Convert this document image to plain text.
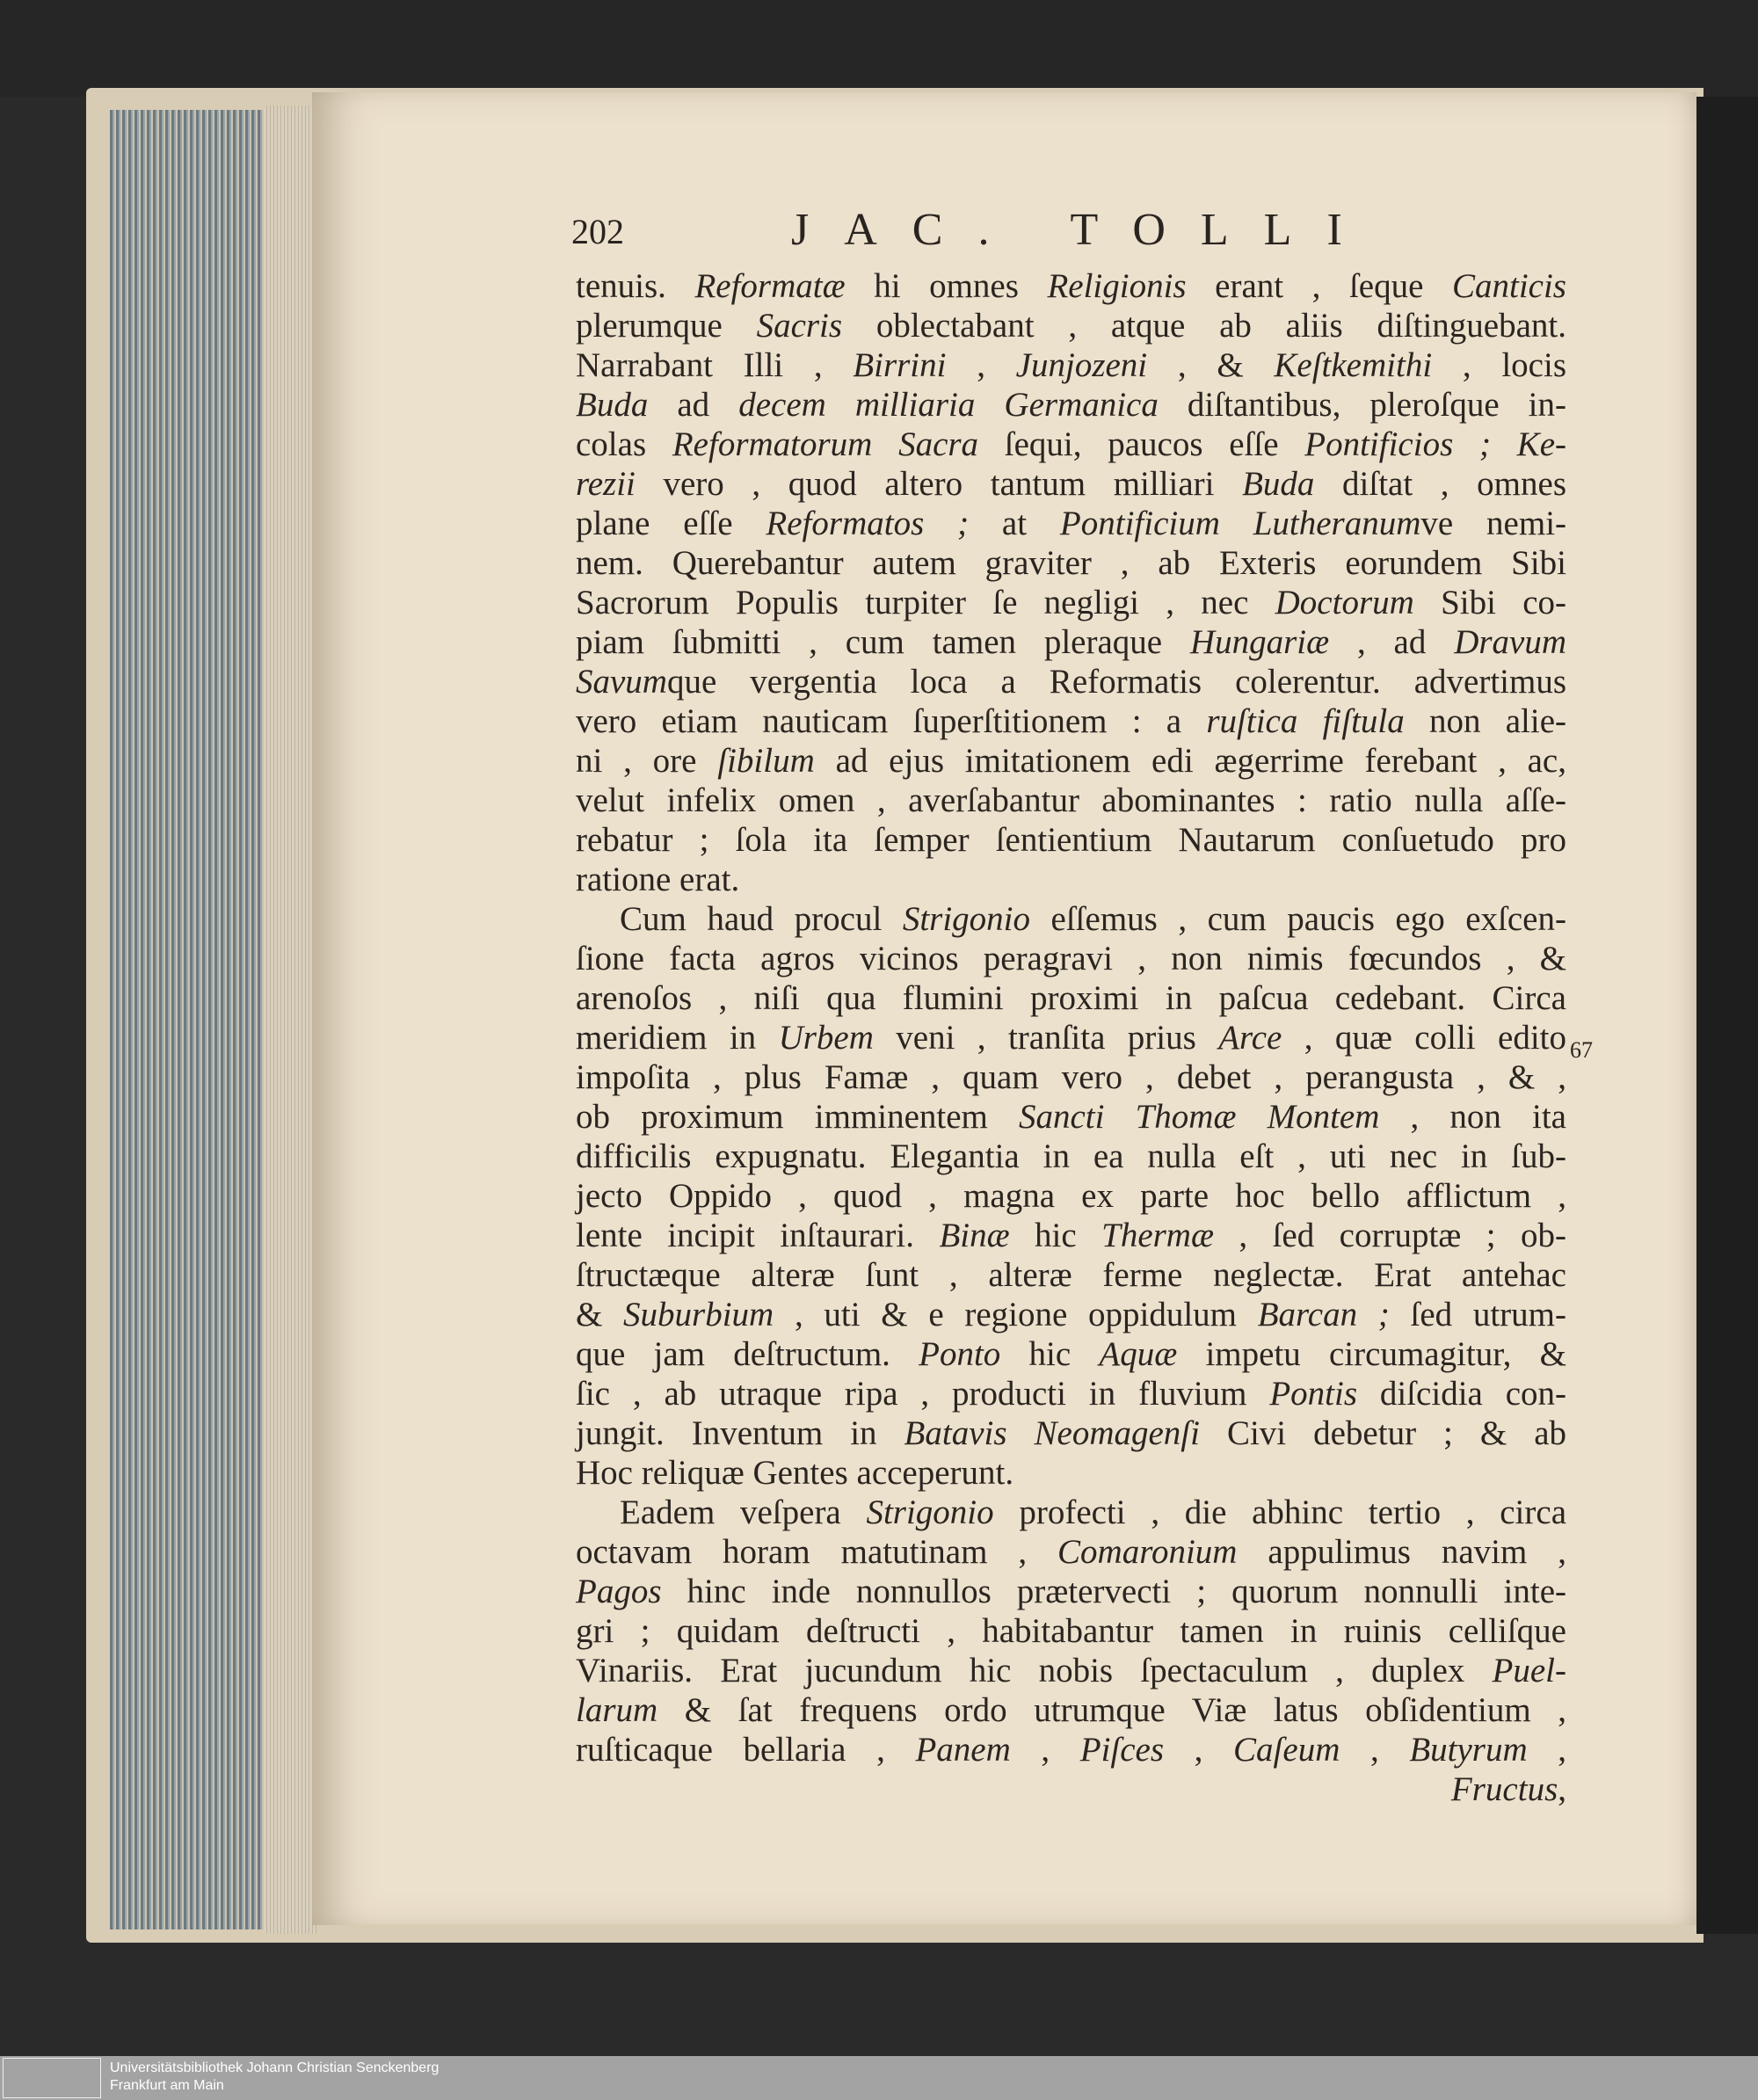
202	JAC. TOLLI
tenuis. Reformatæ hi omnes Religionis erant , ſeque Canticis
plerumque Sacris oblectabant , atque ab aliis diſtinguebant.
Narrabant Illi , Birrini , Junjozeni , & Keſtkemithi , locis
Buda ad decem milliaria Germanica diſtantibus, pleroſque in-
colas Reformatorum Sacra ſequi, paucos eſſe Pontificios ; Ke-
rezii vero , quod altero tantum milliari Buda diſtat , omnes
plane eſſe Reformatos ; at Pontificium Lutheranumve nemi-
nem. Querebantur autem graviter , ab Exteris eorundem Sibi
Sacrorum Populis turpiter ſe negligi , nec Doctorum Sibi co-
piam ſubmitti , cum tamen pleraque Hungariæ , ad Dravum
Savumque vergentia loca a Reformatis colerentur. advertimus
vero etiam nauticam ſuperſtitionem : a ruſtica fiſtula non alie-
ni , ore ſibilum ad ejus imitationem edi ægerrime ferebant , ac,
velut infelix omen , averſabantur abominantes : ratio nulla aſſe-
rebatur ; ſola ita ſemper ſentientium Nautarum conſuetudo pro
ratione erat.
Cum haud procul Strigonio eſſemus , cum paucis ego exſcen-
ſione facta agros vicinos peragravi , non nimis fœcundos , &
arenoſos , niſi qua flumini proximi in paſcua cedebant. Circa
meridiem in Urbem veni , tranſita prius Arce , quæ colli edito
impoſita , plus Famæ , quam vero , debet , perangusta , & ,
ob proximum imminentem Sancti Thomæ Montem , non ita
difficilis expugnatu. Elegantia in ea nulla eſt , uti nec in ſub-
jecto Oppido , quod , magna ex parte hoc bello afflictum ,
lente incipit inſtaurari. Binæ hic Thermæ , ſed corruptæ ; ob-
ſtructæque alteræ ſunt , alteræ ferme neglectæ. Erat antehac
& Suburbium , uti & e regione oppidulum Barcan ; ſed utrum-
que jam deſtructum. Ponto hic Aquæ impetu circumagitur, &
ſic , ab utraque ripa , producti in fluvium Pontis diſcidia con-
jungit. Inventum in Batavis Neomagenſi Civi debetur ; & ab
Hoc reliquæ Gentes acceperunt.
Eadem veſpera Strigonio profecti , die abhinc tertio , circa
octavam horam matutinam , Comaronium appulimus navim ,
Pagos hinc inde nonnullos prætervecti ; quorum nonnulli inte-
gri ; quidam deſtructi , habitabantur tamen in ruinis celliſque
Vinariis. Erat jucundum hic nobis ſpectaculum , duplex Puel-
larum & ſat frequens ordo utrumque Viæ latus obſidentium ,
ruſticaque bellaria , Panem , Piſces , Caſeum , Butyrum ,
Fructus,
67
Universitätsbibliothek Johann Christian Senckenberg
Frankfurt am Main
